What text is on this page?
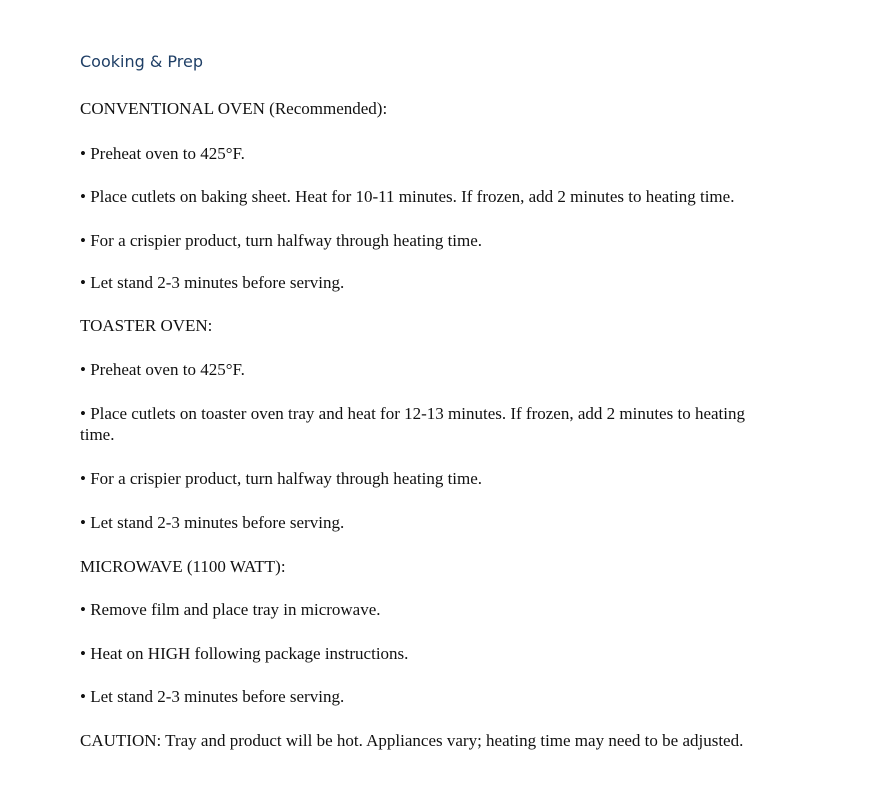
Cooking & Prep
CONVENTIONAL OVEN (Recommended):
• Preheat oven to 425°F.
• Place cutlets on baking sheet. Heat for 10-11 minutes. If frozen, add 2 minutes to heating time.
• For a crispier product, turn halfway through heating time.
• Let stand 2-3 minutes before serving.
TOASTER OVEN:
• Preheat oven to 425°F.
• Place cutlets on toaster oven tray and heat for 12-13 minutes. If frozen, add 2 minutes to heating time.
• For a crispier product, turn halfway through heating time.
• Let stand 2-3 minutes before serving.
MICROWAVE (1100 WATT):
• Remove film and place tray in microwave.
• Heat on HIGH following package instructions.
• Let stand 2-3 minutes before serving.
CAUTION: Tray and product will be hot. Appliances vary; heating time may need to be adjusted.
